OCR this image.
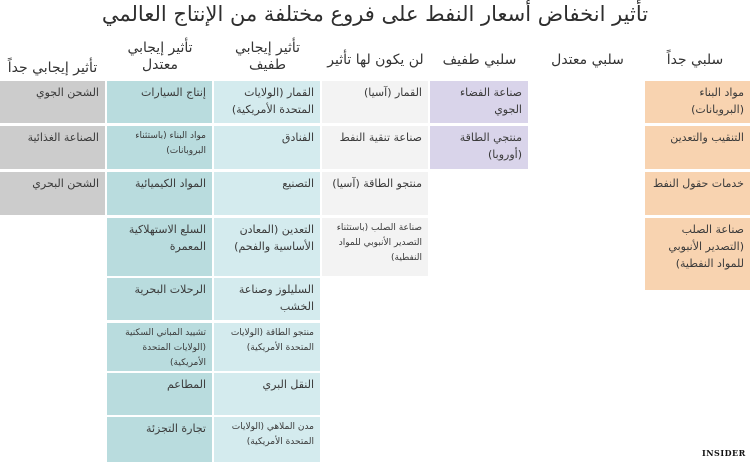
تأثير انخفاض أسعار النفط على فروع مختلفة من الإنتاج العالمي
سلبي جداً
سلبي معتدل
سلبي طفيف
لن يكون لها تأثير
تأثير إيجابي طفيف
تأثير إيجابي معتدل
تأثير إيجابي جداً
مواد البناء (البروبانات)
التنقيب والتعدين
خدمات حقول النفط
صناعة الصلب (التصدير الأنبوبي للمواد النفطية)
صناعة الفضاء الجوي
منتجي الطاقة (أوروبا)
القمار (آسيا)
صناعة تنقية النفط
منتجو الطاقة (آسيا)
صناعة الصلب (باستثناء التصدير الأنبوبي للمواد النفطية)
القمار (الولايات المتحدة الأمريكية)
الفنادق
التصنيع
التعدين (المعادن الأساسية والفحم)
السليلوز وصناعة الخشب
منتجو الطاقة (الولايات المتحدة الأمريكية)
النقل البري
مدن الملاهي (الولايات المتحدة الأمريكية)
إنتاج السيارات
مواد البناء (باستثناء البروبانات)
المواد الكيميائية
السلع الاستهلاكية المعمرة
الرحلات البحرية
تشييد المباني السكنية (الولايات المتحدة الأمريكية)
المطاعم
تجارة التجزئة
الشحن الجوي
الصناعة الغذائية
الشحن البحري
INSIDER
